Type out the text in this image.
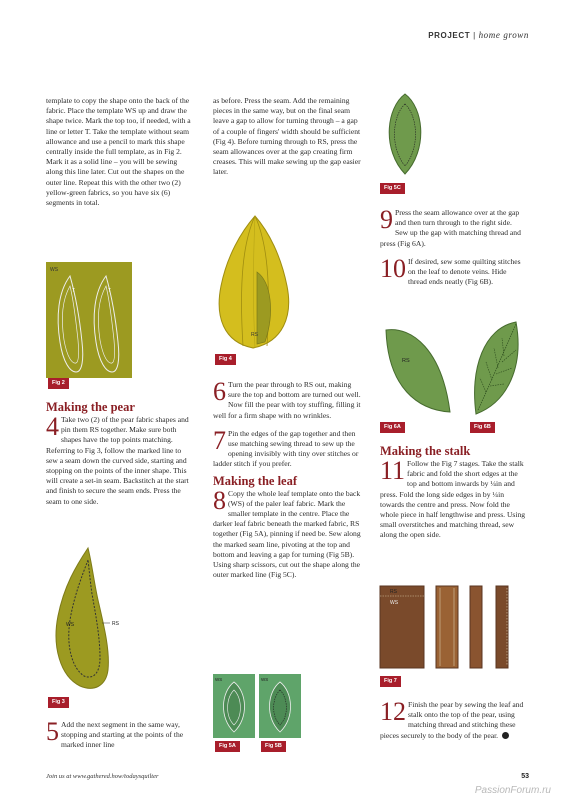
PROJECT | home grown
template to copy the shape onto the back of the fabric. Place the template WS up and draw the shape twice. Mark the top too, if needed, with a line or letter T. Take the template without seam allowance and use a pencil to mark this shape centrally inside the full template, as in Fig 2. Mark it as a solid line – you will be sewing along this line later. Cut out the shapes on the outer line. Repeat this with the other two (2) yellow-green fabrics, so you have six (6) segments in total.
WS
T	T
Fig 2
Making the pear
4 Take two (2) of the pear fabric shapes and pin them RS together. Make sure both shapes have the top points matching. Referring to Fig 3, follow the marked line to sew a seam down the curved side, starting and stopping on the points of the inner shape. This will create a set-in seam. Backstitch at the start and finish to secure the seam ends. Press the seam to one side.
WS	RS
Fig 3
5 Add the next segment in the same way, stopping and starting at the points of the marked inner line
as before. Press the seam. Add the remaining pieces in the same way, but on the final seam leave a gap to allow for turning through – a gap of a couple of fingers' width should be sufficient (Fig 4). Before turning through to RS, press the seam allowances over at the gap creating firm creases. This will make sewing up the gap easier later.
RS
Fig 4
6 Turn the pear through to RS out, making sure the top and bottom are turned out well. Now fill the pear with toy stuffing, filling it well for a firm shape with no wrinkles.
7 Pin the edges of the gap together and then use matching sewing thread to sew up the opening invisibly with tiny over stitches or ladder stitch if you prefer.
Making the leaf
8 Copy the whole leaf template onto the back (WS) of the paler leaf fabric. Mark the smaller template in the centre. Place the darker leaf fabric beneath the marked fabric, RS together (Fig 5A), pinning if need be. Sew along the marked seam line, pivoting at the top and bottom and leaving a gap for turning (Fig 5B). Using sharp scissors, cut out the shape along the outer marked line (Fig 5C).
WS	WS
Fig 5A	Fig 5B
Fig 5C
9 Press the seam allowance over at the gap and then turn through to the right side. Sew up the gap with matching thread and press (Fig 6A).
10 If desired, sew some quilting stitches on the leaf to denote veins. Hide thread ends neatly (Fig 6B).
RS
Fig 6A	Fig 6B
Making the stalk
11 Follow the Fig 7 stages. Take the stalk fabric and fold the short edges at the top and bottom inwards by ¼in and press. Fold the long side edges in by ¼in towards the centre and press. Now fold the whole piece in half lengthwise and press. Using small overstitches and matching thread, sew along the open side.
RS
WS
Fig 7
12 Finish the pear by sewing the leaf and stalk onto the top of the pear, using matching thread and stitching these pieces securely to the body of the pear.
Join us at www.gathered.how/todaysquilter	53
PassionForum.ru
